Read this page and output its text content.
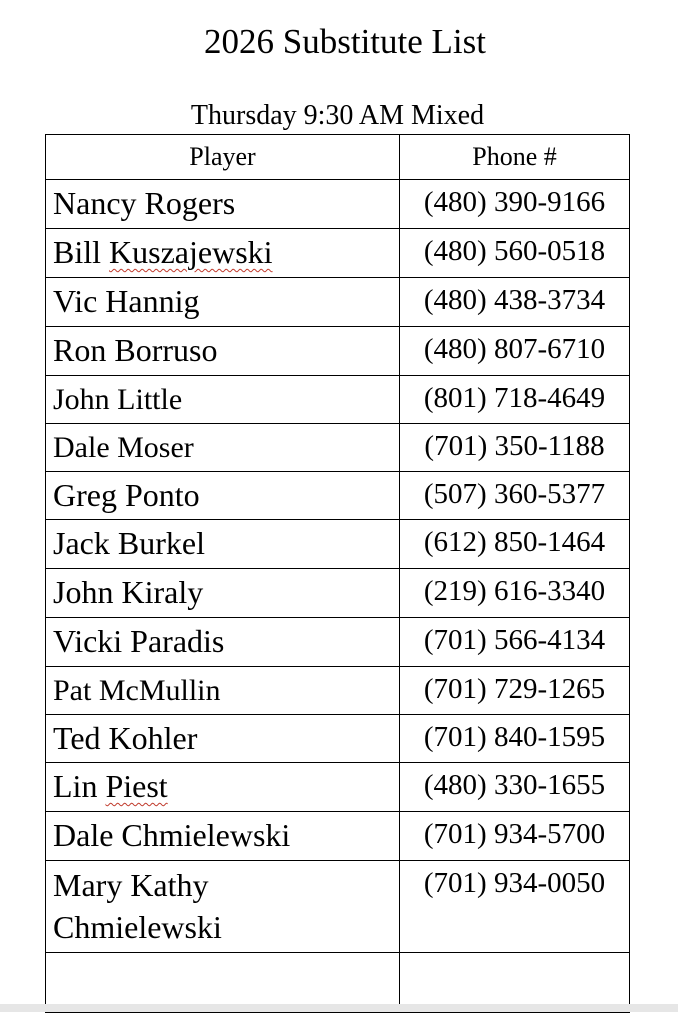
2026 Substitute List
Thursday 9:30 AM Mixed
Player	Phone #

Nancy Rogers	(480) 390-9166

Bill Kuszajewski	(480) 560-0518

Vic Hannig	(480) 438-3734

Ron Borruso	(480) 807-6710

John Little	(801) 718-4649

Dale Moser	(701) 350-1188

Greg Ponto	(507) 360-5377

Jack Burkel	(612) 850-1464

John Kiraly	(219) 616-3340

Vicki Paradis	(701) 566-4134

Pat McMullin	(701) 729-1265

Ted Kohler	(701) 840-1595

Lin Piest	(480) 330-1655

Dale Chmielewski	(701) 934-5700

Mary Kathy
Chmielewski	(701) 934-0050
